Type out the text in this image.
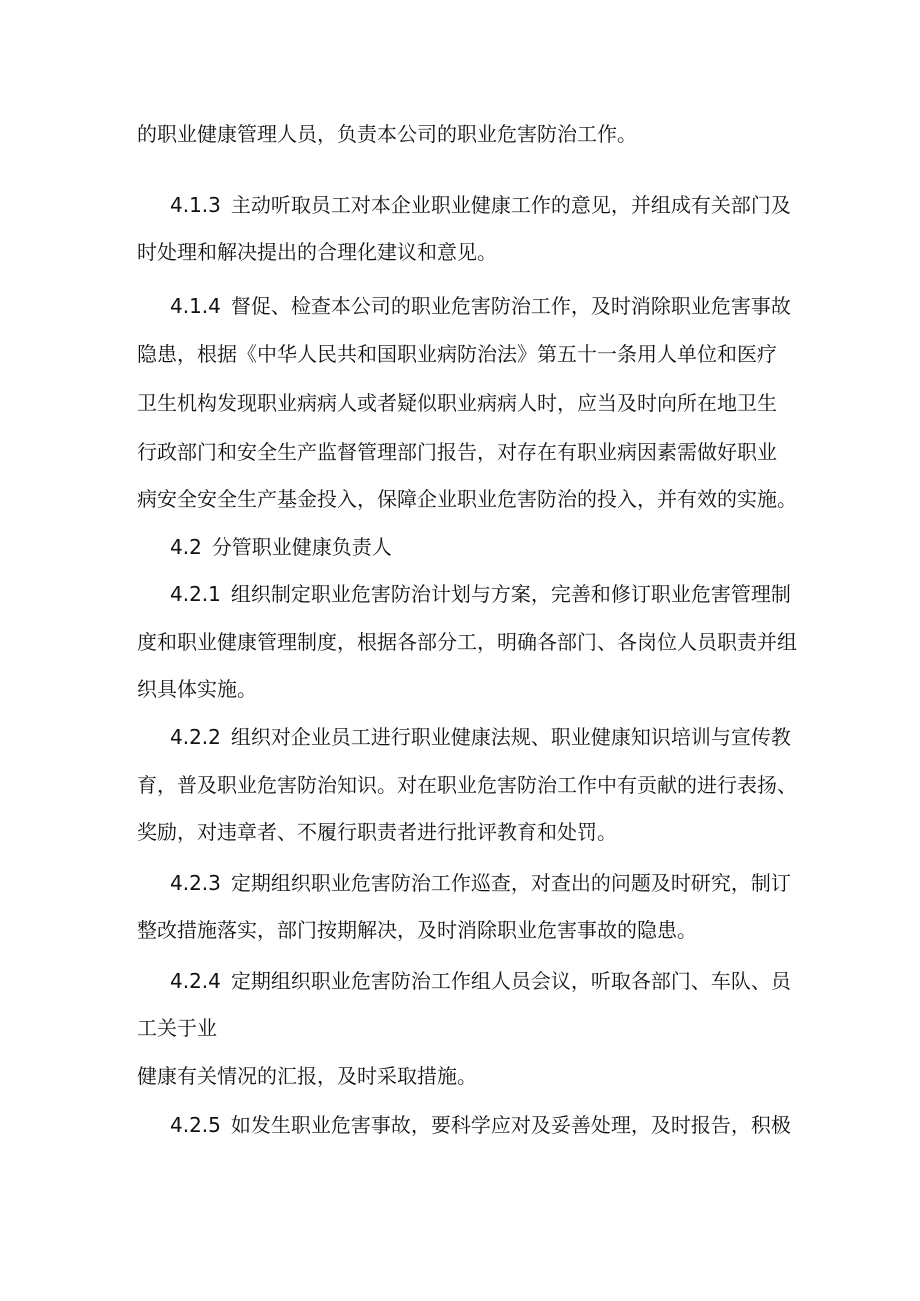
的职业健康管理人员，负责本公司的职业危害防治工作。
4.1.3 主动听取员工对本企业职业健康工作的意见，并组成有关部门及
时处理和解决提出的合理化建议和意见。
4.1.4 督促、检查本公司的职业危害防治工作，及时消除职业危害事故
隐患，根据《中华人民共和国职业病防治法》第五十一条用人单位和医疗
卫生机构发现职业病病人或者疑似职业病病人时，应当及时向所在地卫生
行政部门和安全生产监督管理部门报告，对存在有职业病因素需做好职业
病安全安全生产基金投入，保障企业职业危害防治的投入，并有效的实施。
4.2 分管职业健康负责人
4.2.1 组织制定职业危害防治计划与方案，完善和修订职业危害管理制
度和职业健康管理制度，根据各部分工，明确各部门、各岗位人员职责并组
织具体实施。
4.2.2 组织对企业员工进行职业健康法规、职业健康知识培训与宣传教
育，普及职业危害防治知识。对在职业危害防治工作中有贡献的进行表扬、
奖励，对违章者、不履行职责者进行批评教育和处罚。
4.2.3 定期组织职业危害防治工作巡查，对查出的问题及时研究，制订
整改措施落实，部门按期解决，及时消除职业危害事故的隐患。
4.2.4 定期组织职业危害防治工作组人员会议，听取各部门、车队、员
工关于业
健康有关情况的汇报，及时采取措施。
4.2.5 如发生职业危害事故，要科学应对及妥善处理，及时报告，积极
